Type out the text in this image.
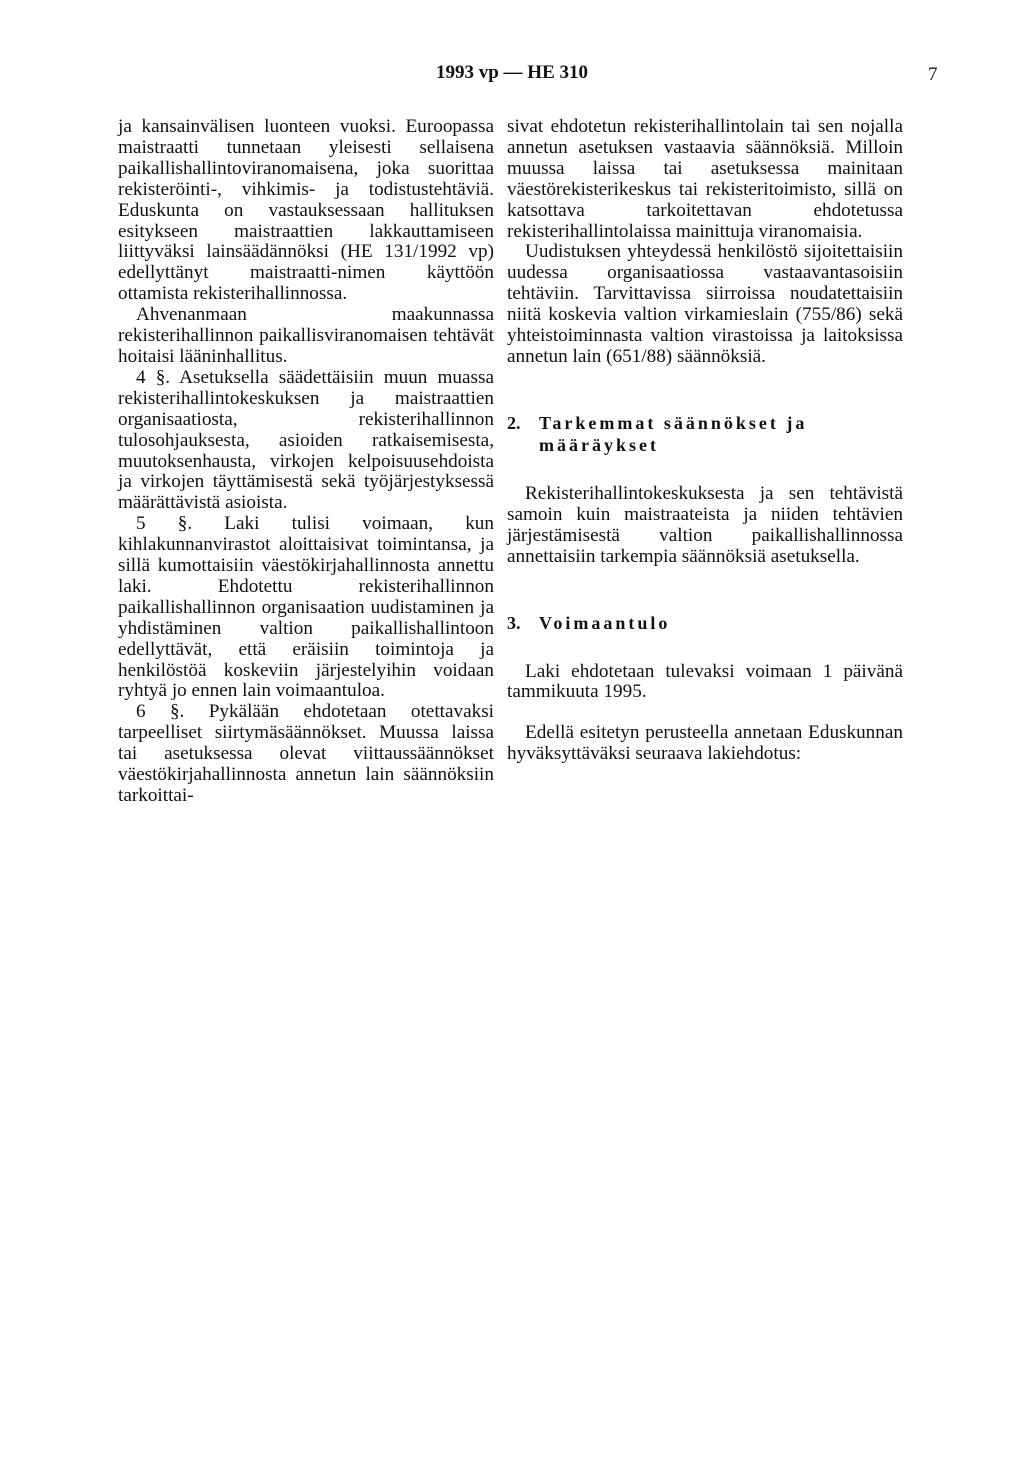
1993 vp — HE 310	7

ja kansainvälisen luonteen vuoksi. Euroopassa maistraatti tunnetaan yleisesti sellaisena paikallishallintoviranomaisena, joka suorittaa rekisteröinti-, vihkimis- ja todistustehtäviä. Eduskunta on vastauksessaan hallituksen esitykseen maistraattien lakkauttamiseen liittyväksi lainsäädännöksi (HE 131/1992 vp) edellyttänyt maistraatti-nimen käyttöön ottamista rekisterihallinnossa.

Ahvenanmaan maakunnassa rekisterihallinnon paikallisviranomaisen tehtävät hoitaisi lääninhallitus.

4 §. Asetuksella säädettäisiin muun muassa rekisterihallintokeskuksen ja maistraattien organisaatiosta, rekisterihallinnon tulosohjauksesta, asioiden ratkaisemisesta, muutoksenhausta, virkojen kelpoisuusehdoista ja virkojen täyttämisestä sekä työjärjestyksessä määrättävistä asioista.

5 §. Laki tulisi voimaan, kun kihlakunnanvirastot aloittaisivat toimintansa, ja sillä kumottaisiin väestökirjahallinnosta annettu laki. Ehdotettu rekisterihallinnon paikallishallinnon organisaation uudistaminen ja yhdistäminen valtion paikallishallintoon edellyttävät, että eräisiin toimintoja ja henkilöstöä koskeviin järjestelyihin voidaan ryhtyä jo ennen lain voimaantuloa.

6 §. Pykälään ehdotetaan otettavaksi tarpeelliset siirtymäsäännökset. Muussa laissa tai asetuksessa olevat viittaussäännökset väestökirjahallinnosta annetun lain säännöksiin tarkoittai-

sivat ehdotetun rekisterihallintolain tai sen nojalla annetun asetuksen vastaavia säännöksiä. Milloin muussa laissa tai asetuksessa mainitaan väestörekisterikeskus tai rekisteritoimisto, sillä on katsottava tarkoitettavan ehdotetussa rekisterihallintolaissa mainittuja viranomaisia.

Uudistuksen yhteydessä henkilöstö sijoitettaisiin uudessa organisaatiossa vastaavantasoisiin tehtäviin. Tarvittavissa siirroissa noudatettaisiin niitä koskevia valtion virkamieslain (755/86) sekä yhteistoiminnasta valtion virastoissa ja laitoksissa annetun lain (651/88) säännöksiä.

2. Tarkemmat säännökset ja
määräykset

Rekisterihallintokeskuksesta ja sen tehtävistä samoin kuin maistraateista ja niiden tehtävien järjestämisestä valtion paikallishallinnossa annettaisiin tarkempia säännöksiä asetuksella.

3. Voimaantulo

Laki ehdotetaan tulevaksi voimaan 1 päivänä tammikuuta 1995.

Edellä esitetyn perusteella annetaan Eduskunnan hyväksyttäväksi seuraava lakiehdotus:
